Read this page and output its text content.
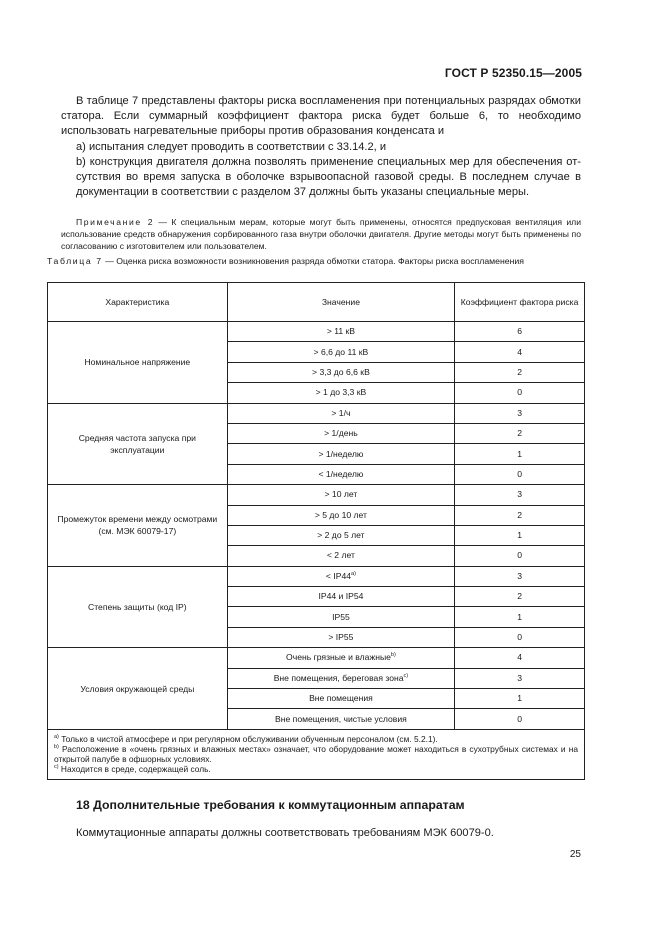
ГОСТ Р 52350.15—2005

В таблице 7 представлены факторы риска воспламенения при потенциальных разрядах обмотки статора. Если суммарный коэффициент фактора риска будет больше 6, то необходимо использовать нагревательные приборы против образования конденсата и

a) испытания следует проводить в соответствии с 33.14.2, и

b) конструкция двигателя должна позволять применение специальных мер для обеспечения отсутствия во время запуска в оболочке взрывоопасной газовой среды. В последнем случае в документации в соответствии с разделом 37 должны быть указаны специальные меры.

Примечание 2 — К специальным мерам, которые могут быть применены, относятся предпусковая вентиляция или использование средств обнаружения сорбированного газа внутри оболочки двигателя. Другие методы могут быть применены по согласованию с изготовителем или пользователем.

Таблица 7 — Оценка риска возможности возникновения разряда обмотки статора. Факторы риска воспламенения
Характеристика	Значение	Коэффициент фактора риска
Номинальное напряжение	> 11 кВ	6
	> 6,6 до 11 кВ	4
	> 3,3 до 6,6 кВ	2
	> 1 до 3,3 кВ	0
Средняя частота запуска при эксплуатации	> 1/ч	3
	> 1/день	2
	> 1/неделю	1
	< 1/неделю	0
Промежуток времени между осмотрами (см. МЭК 60079-17)	> 10 лет	3
	> 5 до 10 лет	2
	> 2 до 5 лет	1
	< 2 лет	0
Степень защиты (код IP)	< $IP44^{a)}$	3
	IP44 и IP54	2
	IP55	1
	> IP55	0
Условия окружающей среды	Очень грязные и влажные$^{b)}$	4
	Вне помещения, береговая зона$^{c)}$	3
	Вне помещения	1
	Вне помещения, чистые условия	0

$^{a)}$ Только в чистой атмосфере и при регулярном обслуживании обученным персоналом (см. 5.2.1).
$^{b)}$ Расположение в «очень грязных и влажных местах» означает, что оборудование может находиться в сухотрубных системах и на открытой палубе в офшорных условиях.
$^{c)}$ Находится в среде, содержащей соль.		
18 Дополнительные требования к коммутационным аппаратам
Коммутационные аппараты должны соответствовать требованиям МЭК 60079-0.
25
